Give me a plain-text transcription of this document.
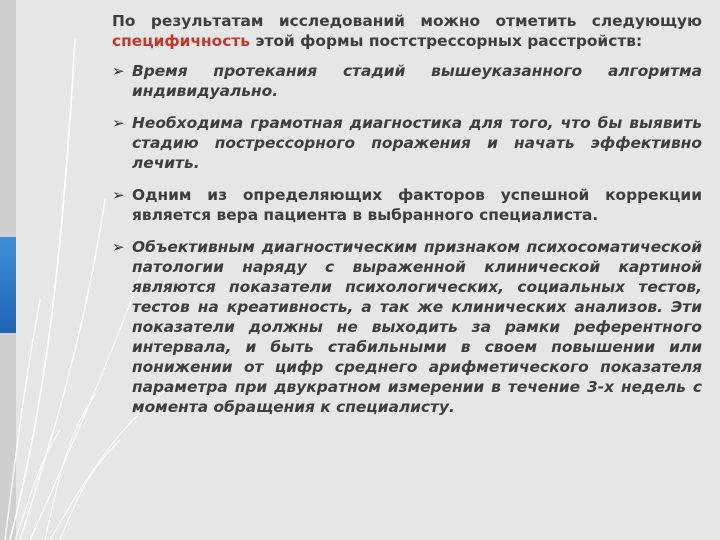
По результатам исследований можно отметить следующую специфичность этой формы постстрессорных расстройств:
➢ Время протекания стадий вышеуказанного алгоритма индивидуально.
➢ Необходима грамотная диагностика для того, что бы выявить стадию пострессорного поражения и начать эффективно лечить.
➢ Одним из определяющих факторов успешной коррекции является вера пациента в выбранного специалиста.
➢ Объективным диагностическим признаком психосоматической патологии наряду с выраженной клинической картиной являются показатели психологических, социальных тестов, тестов на креативность, а так же клинических анализов. Эти показатели должны не выходить за рамки референтного интервала, и быть стабильными в своем повышении или понижении от цифр среднего арифметического показателя параметра при двукратном измерении в течение 3-х недель с момента обращения к специалисту.
